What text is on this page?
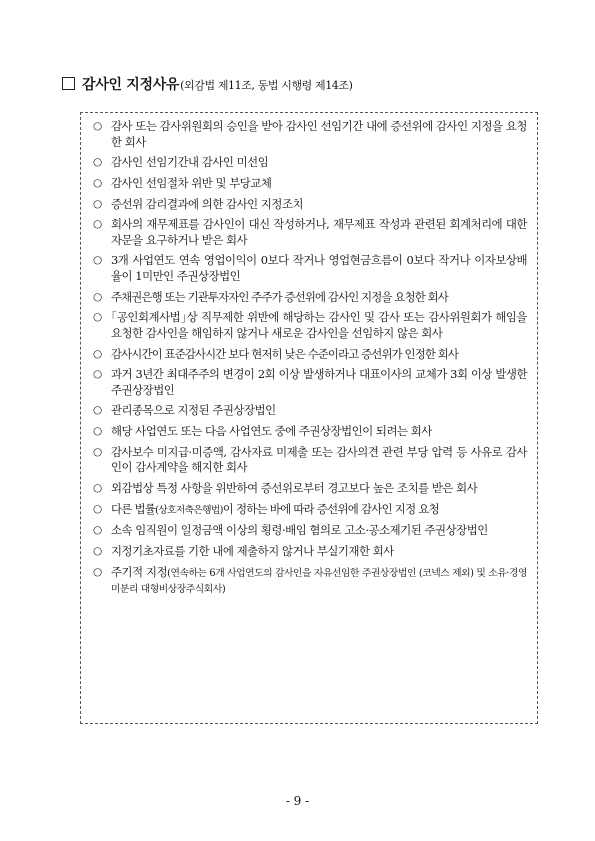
감사인 지정사유 (외감법 제11조, 동법 시행령 제14조)
○ 감사 또는 감사위원회의 승인을 받아 감사인 선임기간 내에 증선위에 감사인 지정을 요청한 회사
○ 감사인 선임기간내 감사인 미선임
○ 감사인 선임절차 위반 및 부당교체
○ 증선위 감리결과에 의한 감사인 지정조치
○ 회사의 재무제표를 감사인이 대신 작성하거나, 재무제표 작성과 관련된 회계처리에 대한 자문을 요구하거나 받은 회사
○ 3개 사업연도 연속 영업이익이 0보다 작거나 영업현금흐름이 0보다 작거나 이자보상배율이 1미만인 주권상장법인
○ 주채권은행 또는 기관투자자인 주주가 증선위에 감사인 지정을 요청한 회사
○ ｢공인회계사법｣상 직무제한 위반에 해당하는 감사인 및 감사 또는 감사위원회가 해임을 요청한 감사인을 해임하지 않거나 새로운 감사인을 선임하지 않은 회사
○ 감사시간이 표준감사시간 보다 현저히 낮은 수준이라고 증선위가 인정한 회사
○ 과거 3년간 최대주주의 변경이 2회 이상 발생하거나 대표이사의 교체가 3회 이상 발생한 주권상장법인
○ 관리종목으로 지정된 주권상장법인
○ 해당 사업연도 또는 다음 사업연도 중에 주권상장법인이 되려는 회사
○ 감사보수 미지급·미증액, 감사자료 미제출 또는 감사의견 관련 부당 압력 등 사유로 감사인이 감사계약을 해지한 회사
○ 외감법상 특정 사항을 위반하여 증선위로부터 경고보다 높은 조치를 받은 회사
○ 다른 법률(상호저축은행법)이 정하는 바에 따라 증선위에 감사인 지정 요청
○ 소속 임직원이 일정금액 이상의 횡령·배임 혐의로 고소·공소제기된 주권상장법인
○ 지정기초자료를 기한 내에 제출하지 않거나 부실기재한 회사
○ 주기적 지정(연속하는 6개 사업연도의 감사인을 자유선임한 주권상장법인 (코넥스 제외) 및 소유·경영미분리 대형비상장주식회사)
- 9 -
